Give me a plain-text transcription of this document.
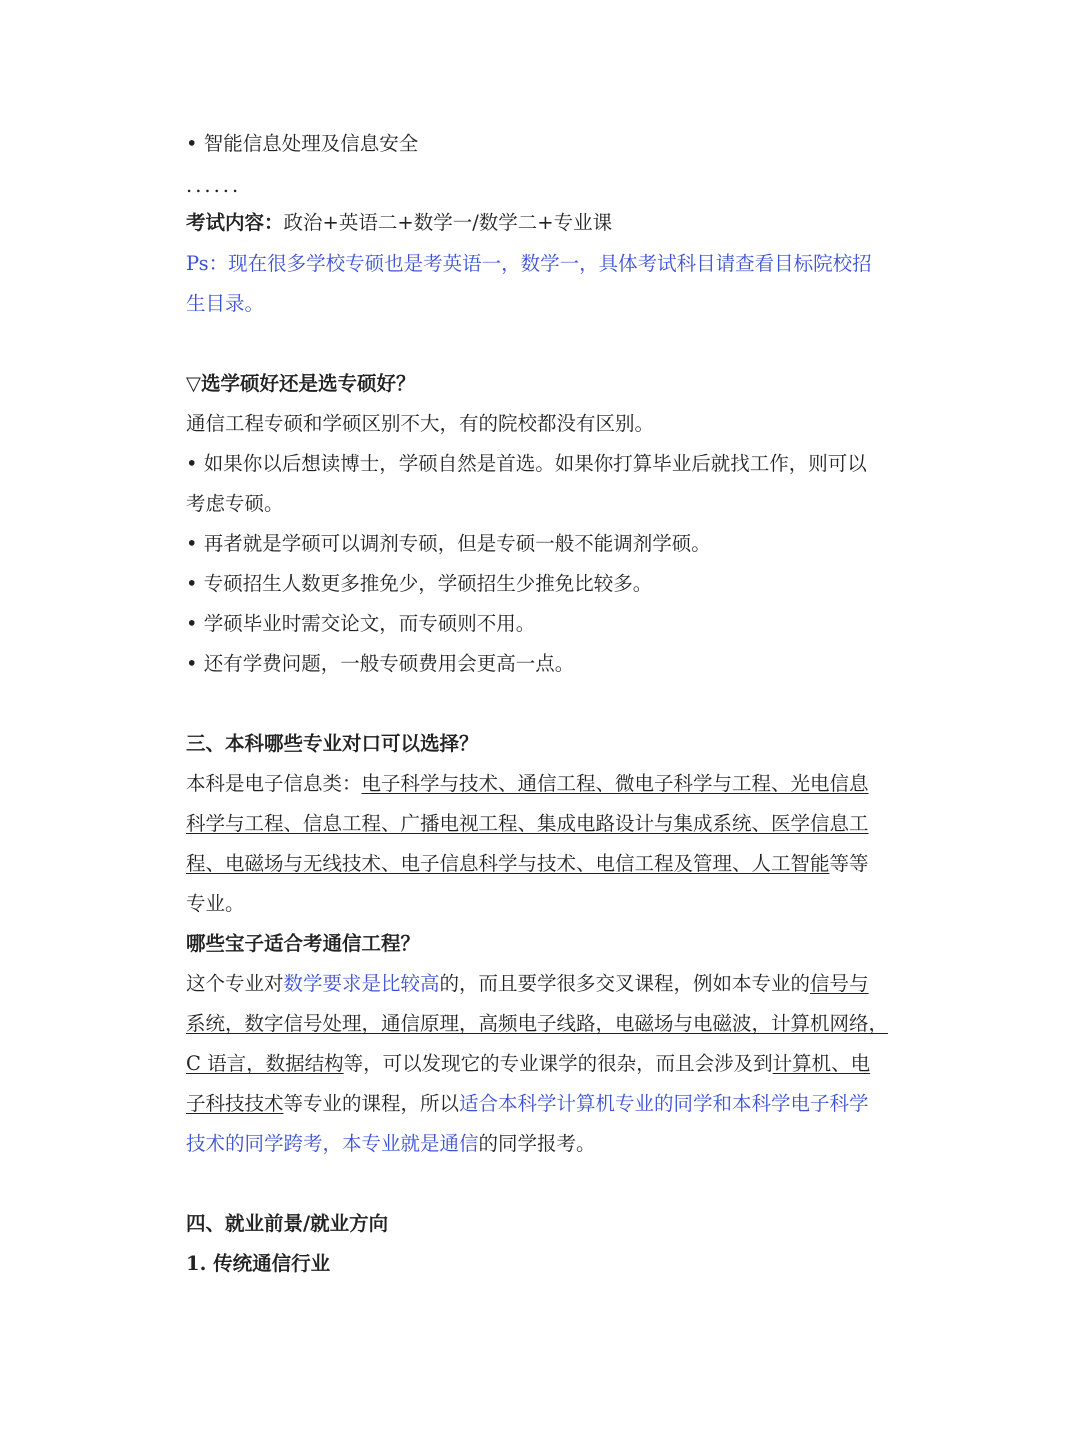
• 智能信息处理及信息安全
......
考试内容：政治+英语二+数学一/数学二+专业课
Ps：现在很多学校专硕也是考英语一，数学一，具体考试科目请查看目标院校招
生目录。
▽选学硕好还是选专硕好？
通信工程专硕和学硕区别不大，有的院校都没有区别。
• 如果你以后想读博士，学硕自然是首选。如果你打算毕业后就找工作，则可以
考虑专硕。
• 再者就是学硕可以调剂专硕，但是专硕一般不能调剂学硕。
• 专硕招生人数更多推免少，学硕招生少推免比较多。
• 学硕毕业时需交论文，而专硕则不用。
• 还有学费问题，一般专硕费用会更高一点。
三、本科哪些专业对口可以选择？
本科是电子信息类：电子科学与技术、通信工程、微电子科学与工程、光电信息
科学与工程、信息工程、广播电视工程、集成电路设计与集成系统、医学信息工
程、电磁场与无线技术、电子信息科学与技术、电信工程及管理、人工智能等等
专业。
哪些宝子适合考通信工程？
这个专业对数学要求是比较高的，而且要学很多交叉课程，例如本专业的信号与
系统，数字信号处理，通信原理，高频电子线路，电磁场与电磁波，计算机网络，
C 语言，数据结构等，可以发现它的专业课学的很杂，而且会涉及到计算机、电
子科技技术等专业的课程，所以适合本科学计算机专业的同学和本科学电子科学
技术的同学跨考，本专业就是通信的同学报考。
四、就业前景/就业方向
1. 传统通信行业
